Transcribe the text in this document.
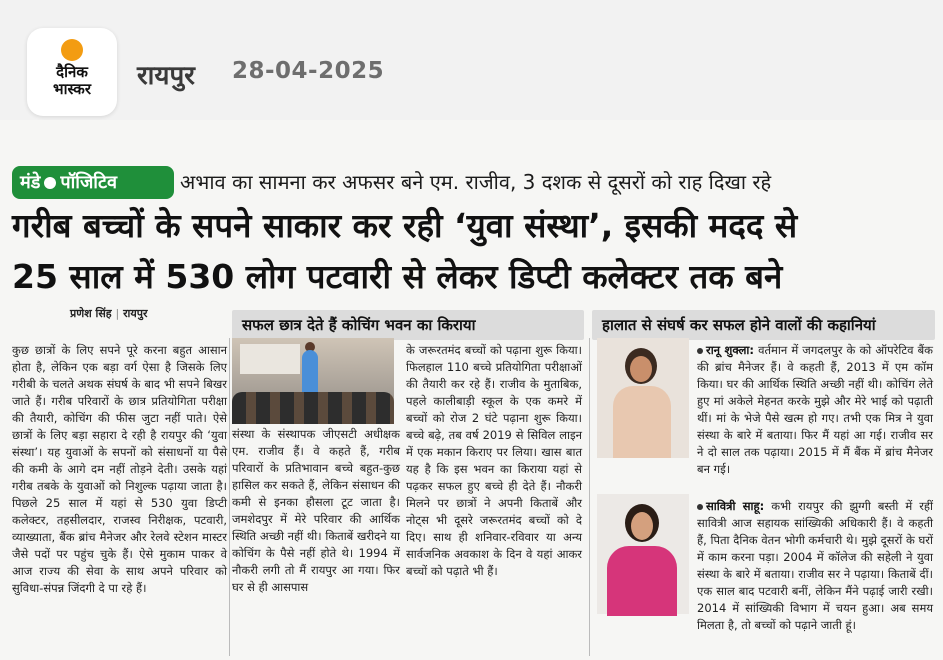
दैनिक
भास्कर	रायपुर 28-04-2025
मंडे पॉजिटिव	अभाव का सामना कर अफसर बने एम. राजीव, 3 दशक से दूसरों को राह दिखा रहे
गरीब बच्चों के सपने साकार कर रही ‘युवा संस्था’, इसकी मदद से
25 साल में 530 लोग पटवारी से लेकर डिप्टी कलेक्टर तक बने
प्रणेश सिंह | रायपुर
सफल छात्र देते हैं कोचिंग भवन का किराया	हालात से संघर्ष कर सफल होने वालों की कहानियां
कुछ छात्रों के लिए सपने पूरे करना बहुत आसान होता है, लेकिन एक बड़ा वर्ग ऐसा है जिसके लिए गरीबी के चलते अथक संघर्ष के बाद भी सपने बिखर जाते हैं। गरीब परिवारों के छात्र प्रतियोगिता परीक्षा की तैयारी, कोचिंग की फीस जुटा नहीं पाते। ऐसे छात्रों के लिए बड़ा सहारा दे रही है रायपुर की ‘युवा संस्था’। यह युवाओं के सपनों को संसाधनों या पैसे की कमी के आगे दम नहीं तोड़ने देती। उसके यहां गरीब तबके के युवाओं को निशुल्क पढ़ाया जाता है। पिछले 25 साल में यहां से 530 युवा डिप्टी कलेक्टर, तहसीलदार, राजस्व निरीक्षक, पटवारी, व्याख्याता, बैंक ब्रांच मैनेजर और रेलवे स्टेशन मास्टर जैसे पदों पर पहुंच चुके हैं। ऐसे मुकाम पाकर वे आज राज्य की सेवा के साथ अपने परिवार को सुविधा-संपन्न जिंदगी दे पा रहे हैं।
संस्था के संस्थापक जीएसटी अधीक्षक एम. राजीव हैं। वे कहते हैं, गरीब परिवारों के प्रतिभावान बच्चे बहुत-कुछ हासिल कर सकते हैं, लेकिन संसाधन की कमी से इनका हौसला टूट जाता है। जमशेदपुर में मेरे परिवार की आर्थिक स्थिति अच्छी नहीं थी। किताबें खरीदने या कोचिंग के पैसे नहीं होते थे। 1994 में नौकरी लगी तो मैं रायपुर आ गया। फिर घर से ही आसपास
के जरूरतमंद बच्चों को पढ़ाना शुरू किया। फिलहाल 110 बच्चे प्रतियोगिता परीक्षाओं की तैयारी कर रहे हैं। राजीव के मुताबिक, पहले कालीबाड़ी स्कूल के एक कमरे में बच्चों को रोज 2 घंटे पढ़ाना शुरू किया। बच्चे बढ़े, तब वर्ष 2019 से सिविल लाइन में एक मकान किराए पर लिया। खास बात यह है कि इस भवन का किराया यहां से पढ़कर सफल हुए बच्चे ही देते हैं। नौकरी मिलने पर छात्रों ने अपनी किताबें और नोट्स भी दूसरे जरूरतमंद बच्चों को दे दिए। साथ ही शनिवार-रविवार या अन्य सार्वजनिक अवकाश के दिन वे यहां आकर बच्चों को पढ़ाते भी हैं।
रानू शुक्ला: वर्तमान में जगदलपुर के को ऑपरेटिव बैंक की ब्रांच मैनेजर हैं। वे कहती हैं, 2013 में एम कॉम किया। घर की आर्थिक स्थिति अच्छी नहीं थी। कोचिंग लेते हुए मां अकेले मेहनत करके मुझे और मेरे भाई को पढ़ाती थीं। मां के भेजे पैसे खत्म हो गए। तभी एक मित्र ने युवा संस्था के बारे में बताया। फिर मैं यहां आ गई। राजीव सर ने दो साल तक पढ़ाया। 2015 में मैं बैंक में ब्रांच मैनेजर बन गई।
सावित्री साहू: कभी रायपुर की झुग्गी बस्ती में रहीं सावित्री आज सहायक सांख्यिकी अधिकारी हैं। वे कहती हैं, पिता दैनिक वेतन भोगी कर्मचारी थे। मुझे दूसरों के घरों में काम करना पड़ा। 2004 में कॉलेज की सहेली ने युवा संस्था के बारे में बताया। राजीव सर ने पढ़ाया। किताबें दीं। एक साल बाद पटवारी बनीं, लेकिन मैंने पढ़ाई जारी रखी। 2014 में सांख्यिकी विभाग में चयन हुआ। अब समय मिलता है, तो बच्चों को पढ़ाने जाती हूं।
